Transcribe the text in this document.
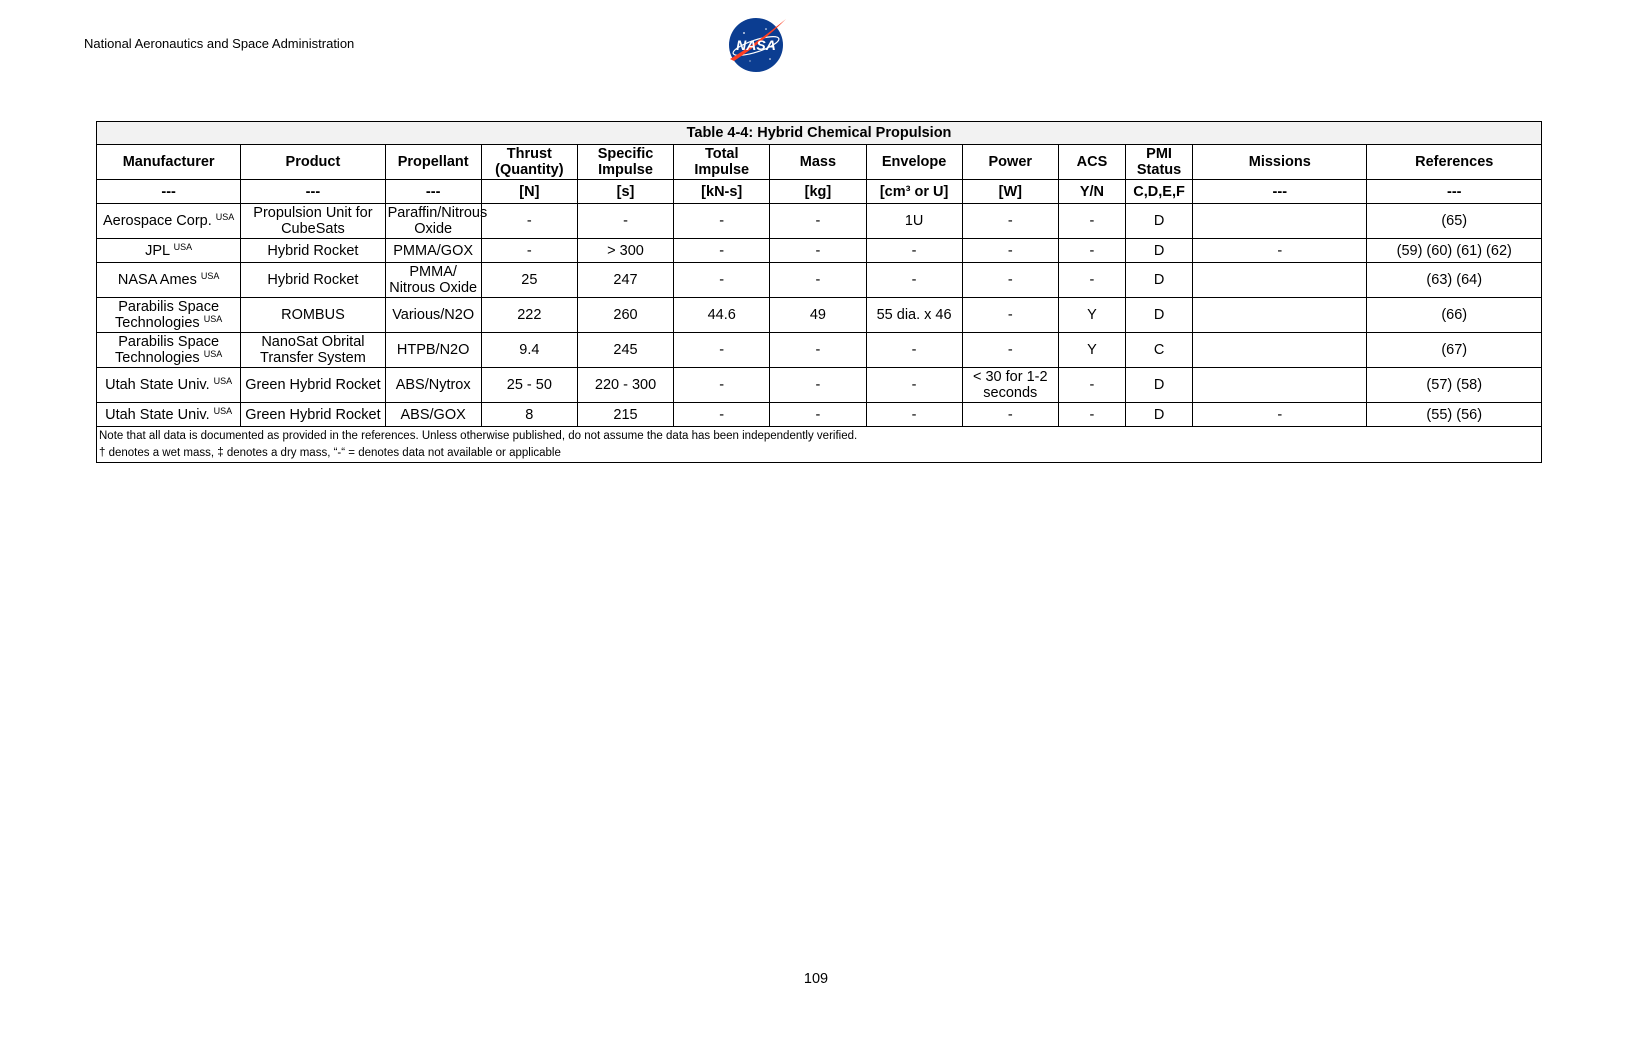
National Aeronautics and Space Administration	NASA
Table 4-4: Hybrid Chemical Propulsion												
Manufacturer	Product	Propellant	Thrust (Quantity)	Specific Impulse	Total Impulse	Mass	Envelope	Power	ACS	PMI Status	Missions	References
---	---	---	[N]	[s]	[kN-s]	[kg]	[cm³ or U]	[W]	Y/N	C,D,E,F	---	---
Aerospace Corp. $^{USA}$	Propulsion Unit for CubeSats	Paraffin/Nitrous Oxide	-	-	-	-	1U	-	-	D		(65)
JPL $^{USA}$	Hybrid Rocket	PMMA/GOX	-	> 300	-	-	-	-	-	D	-	(59) (60) (61) (62)
NASA Ames $^{USA}$	Hybrid Rocket	PMMA/ Nitrous Oxide	25	247	-	-	-	-	-	D		(63) (64)
Parabilis Space Technologies $^{USA}$	ROMBUS	Various/N2O	222	260	44.6	49	55 dia. x 46	-	Y	D		(66)
Parabilis Space Technologies $^{USA}$	NanoSat Obrital Transfer System	HTPB/N2O	9.4	245	-	-	-	-	Y	C		(67)
Utah State Univ. $^{USA}$	Green Hybrid Rocket	ABS/Nytrox	25 - 50	220 - 300	-	-	-	< 30 for 1-2 seconds	-	D		(57) (58)
Utah State Univ. $^{USA}$	Green Hybrid Rocket	ABS/GOX	8	215	-	-	-	-	-	D	-	(55) (56)

Note that all data is documented as provided in the references. Unless otherwise published, do not assume the data has been independently verified.
† denotes a wet mass, ‡ denotes a dry mass, “-“ = denotes data not available or applicable												
109
